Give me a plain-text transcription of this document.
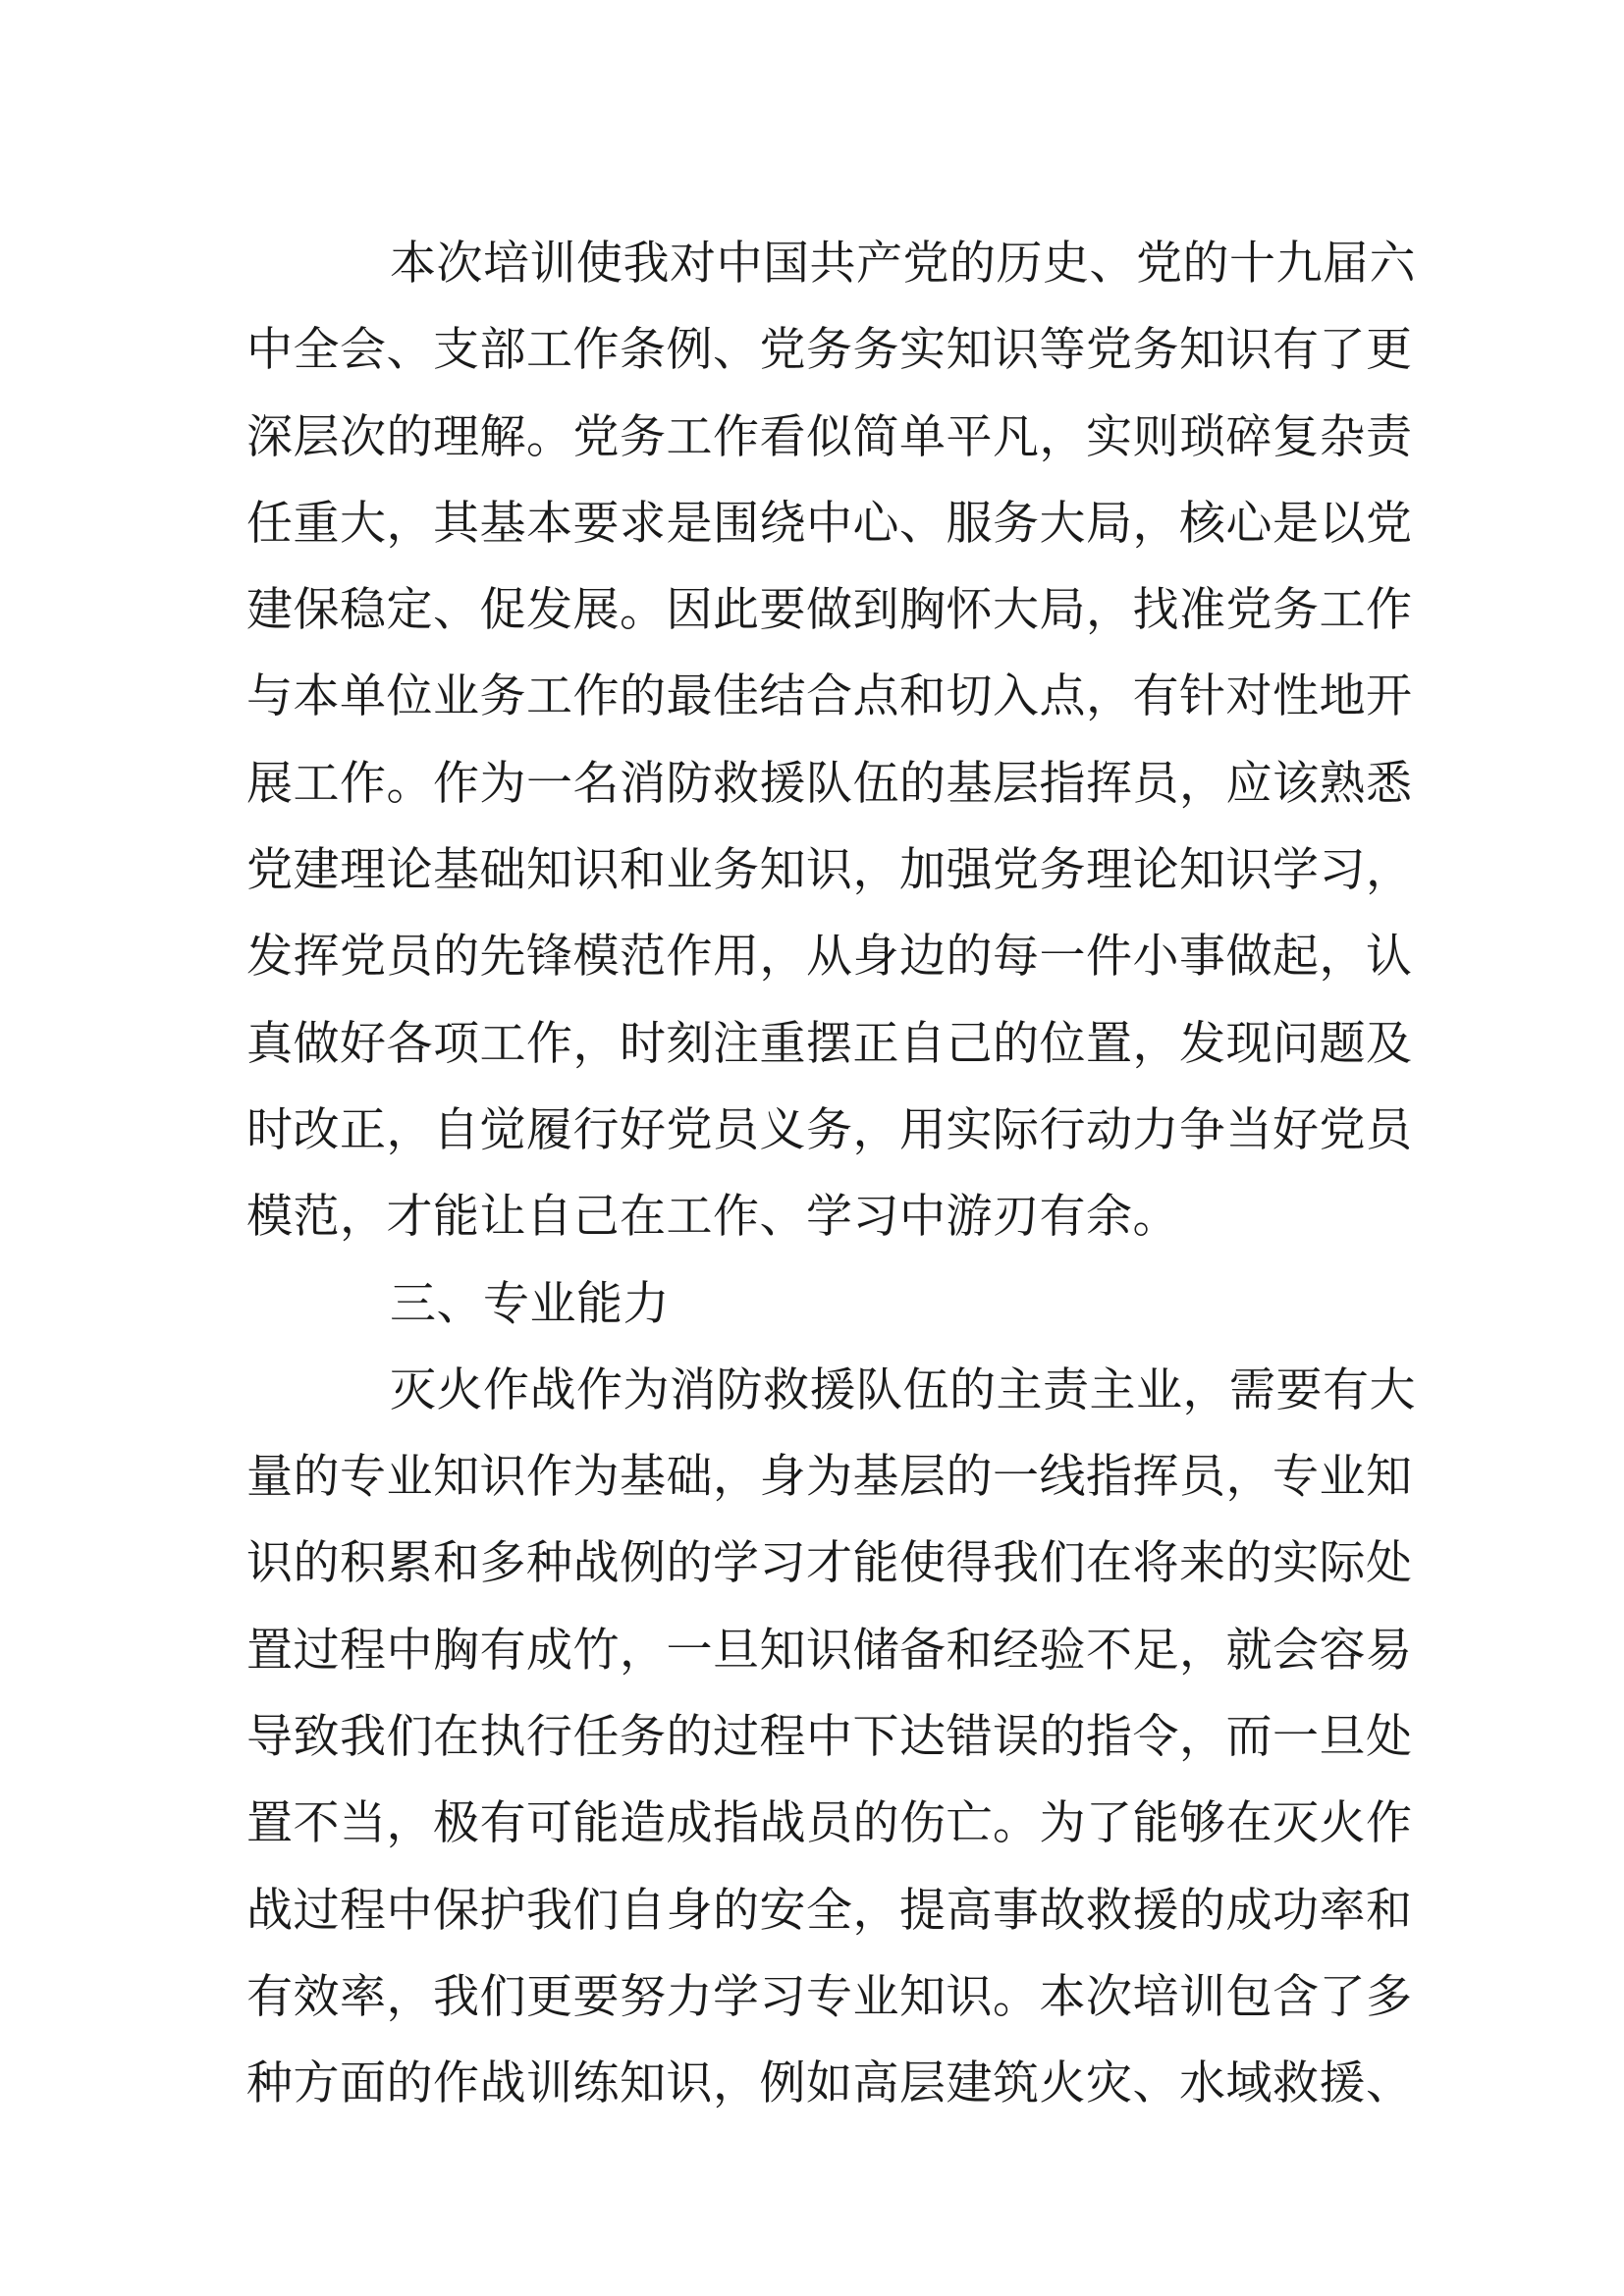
本次培训使我对中国共产党的历史、党的十九届六
中全会、支部工作条例、党务务实知识等党务知识有了更
深层次的理解。党务工作看似简单平凡，实则琐碎复杂责
任重大，其基本要求是围绕中心、服务大局，核心是以党
建保稳定、促发展。因此要做到胸怀大局，找准党务工作
与本单位业务工作的最佳结合点和切入点，有针对性地开
展工作。作为一名消防救援队伍的基层指挥员，应该熟悉
党建理论基础知识和业务知识，加强党务理论知识学习，
发挥党员的先锋模范作用，从身边的每一件小事做起，认
真做好各项工作，时刻注重摆正自己的位置，发现问题及
时改正，自觉履行好党员义务，用实际行动力争当好党员
模范，才能让自己在工作、学习中游刃有余。
三、专业能力
灭火作战作为消防救援队伍的主责主业，需要有大
量的专业知识作为基础，身为基层的一线指挥员，专业知
识的积累和多种战例的学习才能使得我们在将来的实际处
置过程中胸有成竹，一旦知识储备和经验不足，就会容易
导致我们在执行任务的过程中下达错误的指令，而一旦处
置不当，极有可能造成指战员的伤亡。为了能够在灭火作
战过程中保护我们自身的安全，提高事故救援的成功率和
有效率，我们更要努力学习专业知识。本次培训包含了多
种方面的作战训练知识，例如高层建筑火灾、水域救援、
